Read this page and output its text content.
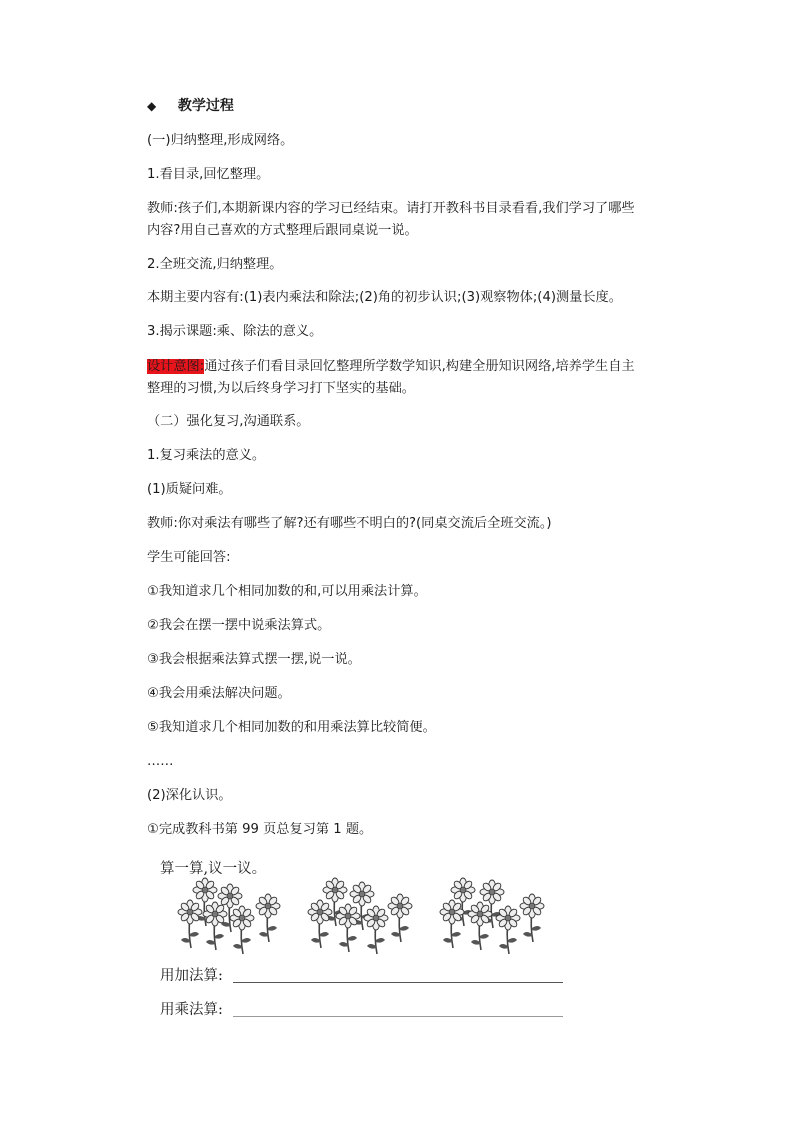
◆ 教学过程
(一)归纳整理,形成网络。
1.看目录,回忆整理。
教师:孩子们,本期新课内容的学习已经结束。请打开教科书目录看看,我们学习了哪些
内容?用自己喜欢的方式整理后跟同桌说一说。
2.全班交流,归纳整理。
本期主要内容有:(1)表内乘法和除法;(2)角的初步认识;(3)观察物体;(4)测量长度。
3.揭示课题:乘、除法的意义。
设计意图:通过孩子们看目录回忆整理所学数学知识,构建全册知识网络,培养学生自主
整理的习惯,为以后终身学习打下坚实的基础。
（二）强化复习,沟通联系。
1.复习乘法的意义。
(1)质疑问难。
教师:你对乘法有哪些了解?还有哪些不明白的?(同桌交流后全班交流。)
学生可能回答:
①我知道求几个相同加数的和,可以用乘法计算。
②我会在摆一摆中说乘法算式。
③我会根据乘法算式摆一摆,说一说。
④我会用乘法解决问题。
⑤我知道求几个相同加数的和用乘法算比较简便。
……
(2)深化认识。
①完成教科书第 99 页总复习第 1 题。
算一算,议一议。
用加法算:
用乘法算:
